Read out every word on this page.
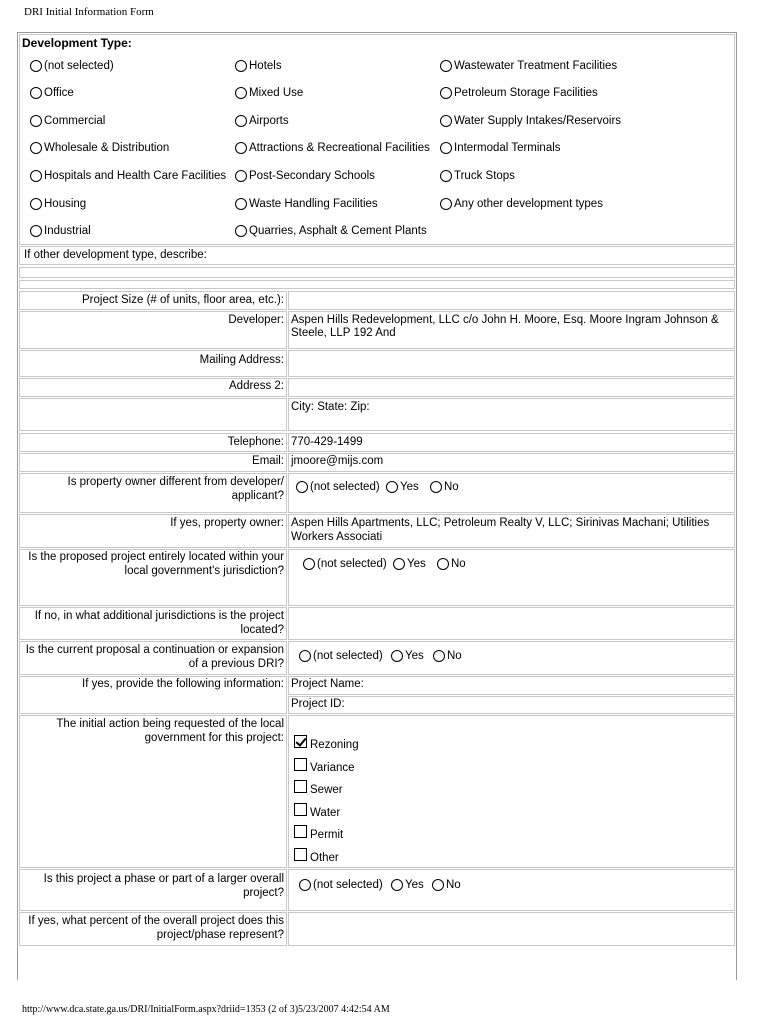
DRI Initial Information Form
Development Type:
(not selected)
Office
Commercial
Wholesale & Distribution
Hospitals and Health Care Facilities
Housing
Industrial
Hotels
Mixed Use
Airports
Attractions & Recreational Facilities
Post-Secondary Schools
Waste Handling Facilities
Quarries, Asphalt & Cement Plants
Wastewater Treatment Facilities
Petroleum Storage Facilities
Water Supply Intakes/Reservoirs
Intermodal Terminals
Truck Stops
Any other development types
If other development type, describe:
Project Size (# of units, floor area, etc.):
Developer: Aspen Hills Redevelopment, LLC c/o John H. Moore, Esq. Moore Ingram Johnson &
Steele, LLP 192 And
Mailing Address:
Address 2:
City: State: Zip:
Telephone: 770-429-1499
Email: jmoore@mijs.com
Is property owner different from developer/
applicant?
(not selected) Yes No
If yes, property owner: Aspen Hills Apartments, LLC; Petroleum Realty V, LLC; Sirinivas Machani; Utilities
Workers Associati
Is the proposed project entirely located within your
local government's jurisdiction?
(not selected) Yes No
If no, in what additional jurisdictions is the project
located?
Is the current proposal a continuation or expansion
of a previous DRI?
(not selected) Yes No
If yes, provide the following information: Project Name:
Project ID:
The initial action being requested of the local
government for this project:
Rezoning
Variance
Sewer
Water
Permit
Other
Is this project a phase or part of a larger overall
project?
(not selected) Yes No
If yes, what percent of the overall project does this
project/phase represent?
http://www.dca.state.ga.us/DRI/InitialForm.aspx?driid=1353 (2 of 3)5/23/2007 4:42:54 AM
